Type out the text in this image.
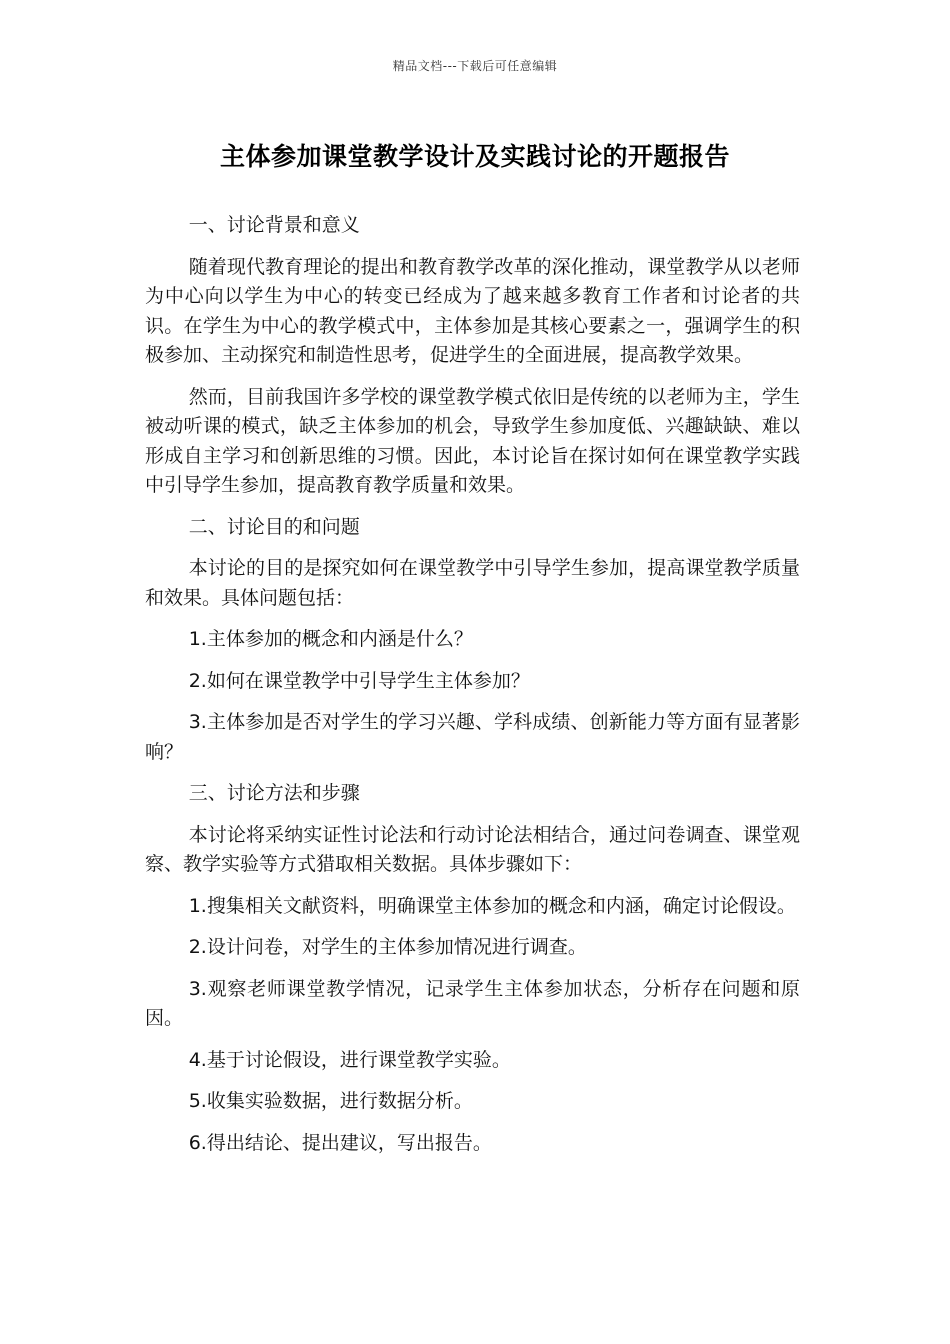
精品文档---下载后可任意编辑
主体参加课堂教学设计及实践讨论的开题报告

一、讨论背景和意义

随着现代教育理论的提出和教育教学改革的深化推动，课堂教学从以老师为中心向以学生为中心的转变已经成为了越来越多教育工作者和讨论者的共识。在学生为中心的教学模式中，主体参加是其核心要素之一，强调学生的积极参加、主动探究和制造性思考，促进学生的全面进展，提高教学效果。

然而，目前我国许多学校的课堂教学模式依旧是传统的以老师为主，学生被动听课的模式，缺乏主体参加的机会，导致学生参加度低、兴趣缺缺、难以形成自主学习和创新思维的习惯。因此，本讨论旨在探讨如何在课堂教学实践中引导学生参加，提高教育教学质量和效果。

二、讨论目的和问题

本讨论的目的是探究如何在课堂教学中引导学生参加，提高课堂教学质量和效果。具体问题包括：

1.主体参加的概念和内涵是什么？

2.如何在课堂教学中引导学生主体参加？

3.主体参加是否对学生的学习兴趣、学科成绩、创新能力等方面有显著影响？

三、讨论方法和步骤

本讨论将采纳实证性讨论法和行动讨论法相结合，通过问卷调查、课堂观察、教学实验等方式猎取相关数据。具体步骤如下：

1.搜集相关文献资料，明确课堂主体参加的概念和内涵，确定讨论假设。

2.设计问卷，对学生的主体参加情况进行调查。

3.观察老师课堂教学情况，记录学生主体参加状态，分析存在问题和原因。

4.基于讨论假设，进行课堂教学实验。

5.收集实验数据，进行数据分析。

6.得出结论、提出建议，写出报告。
